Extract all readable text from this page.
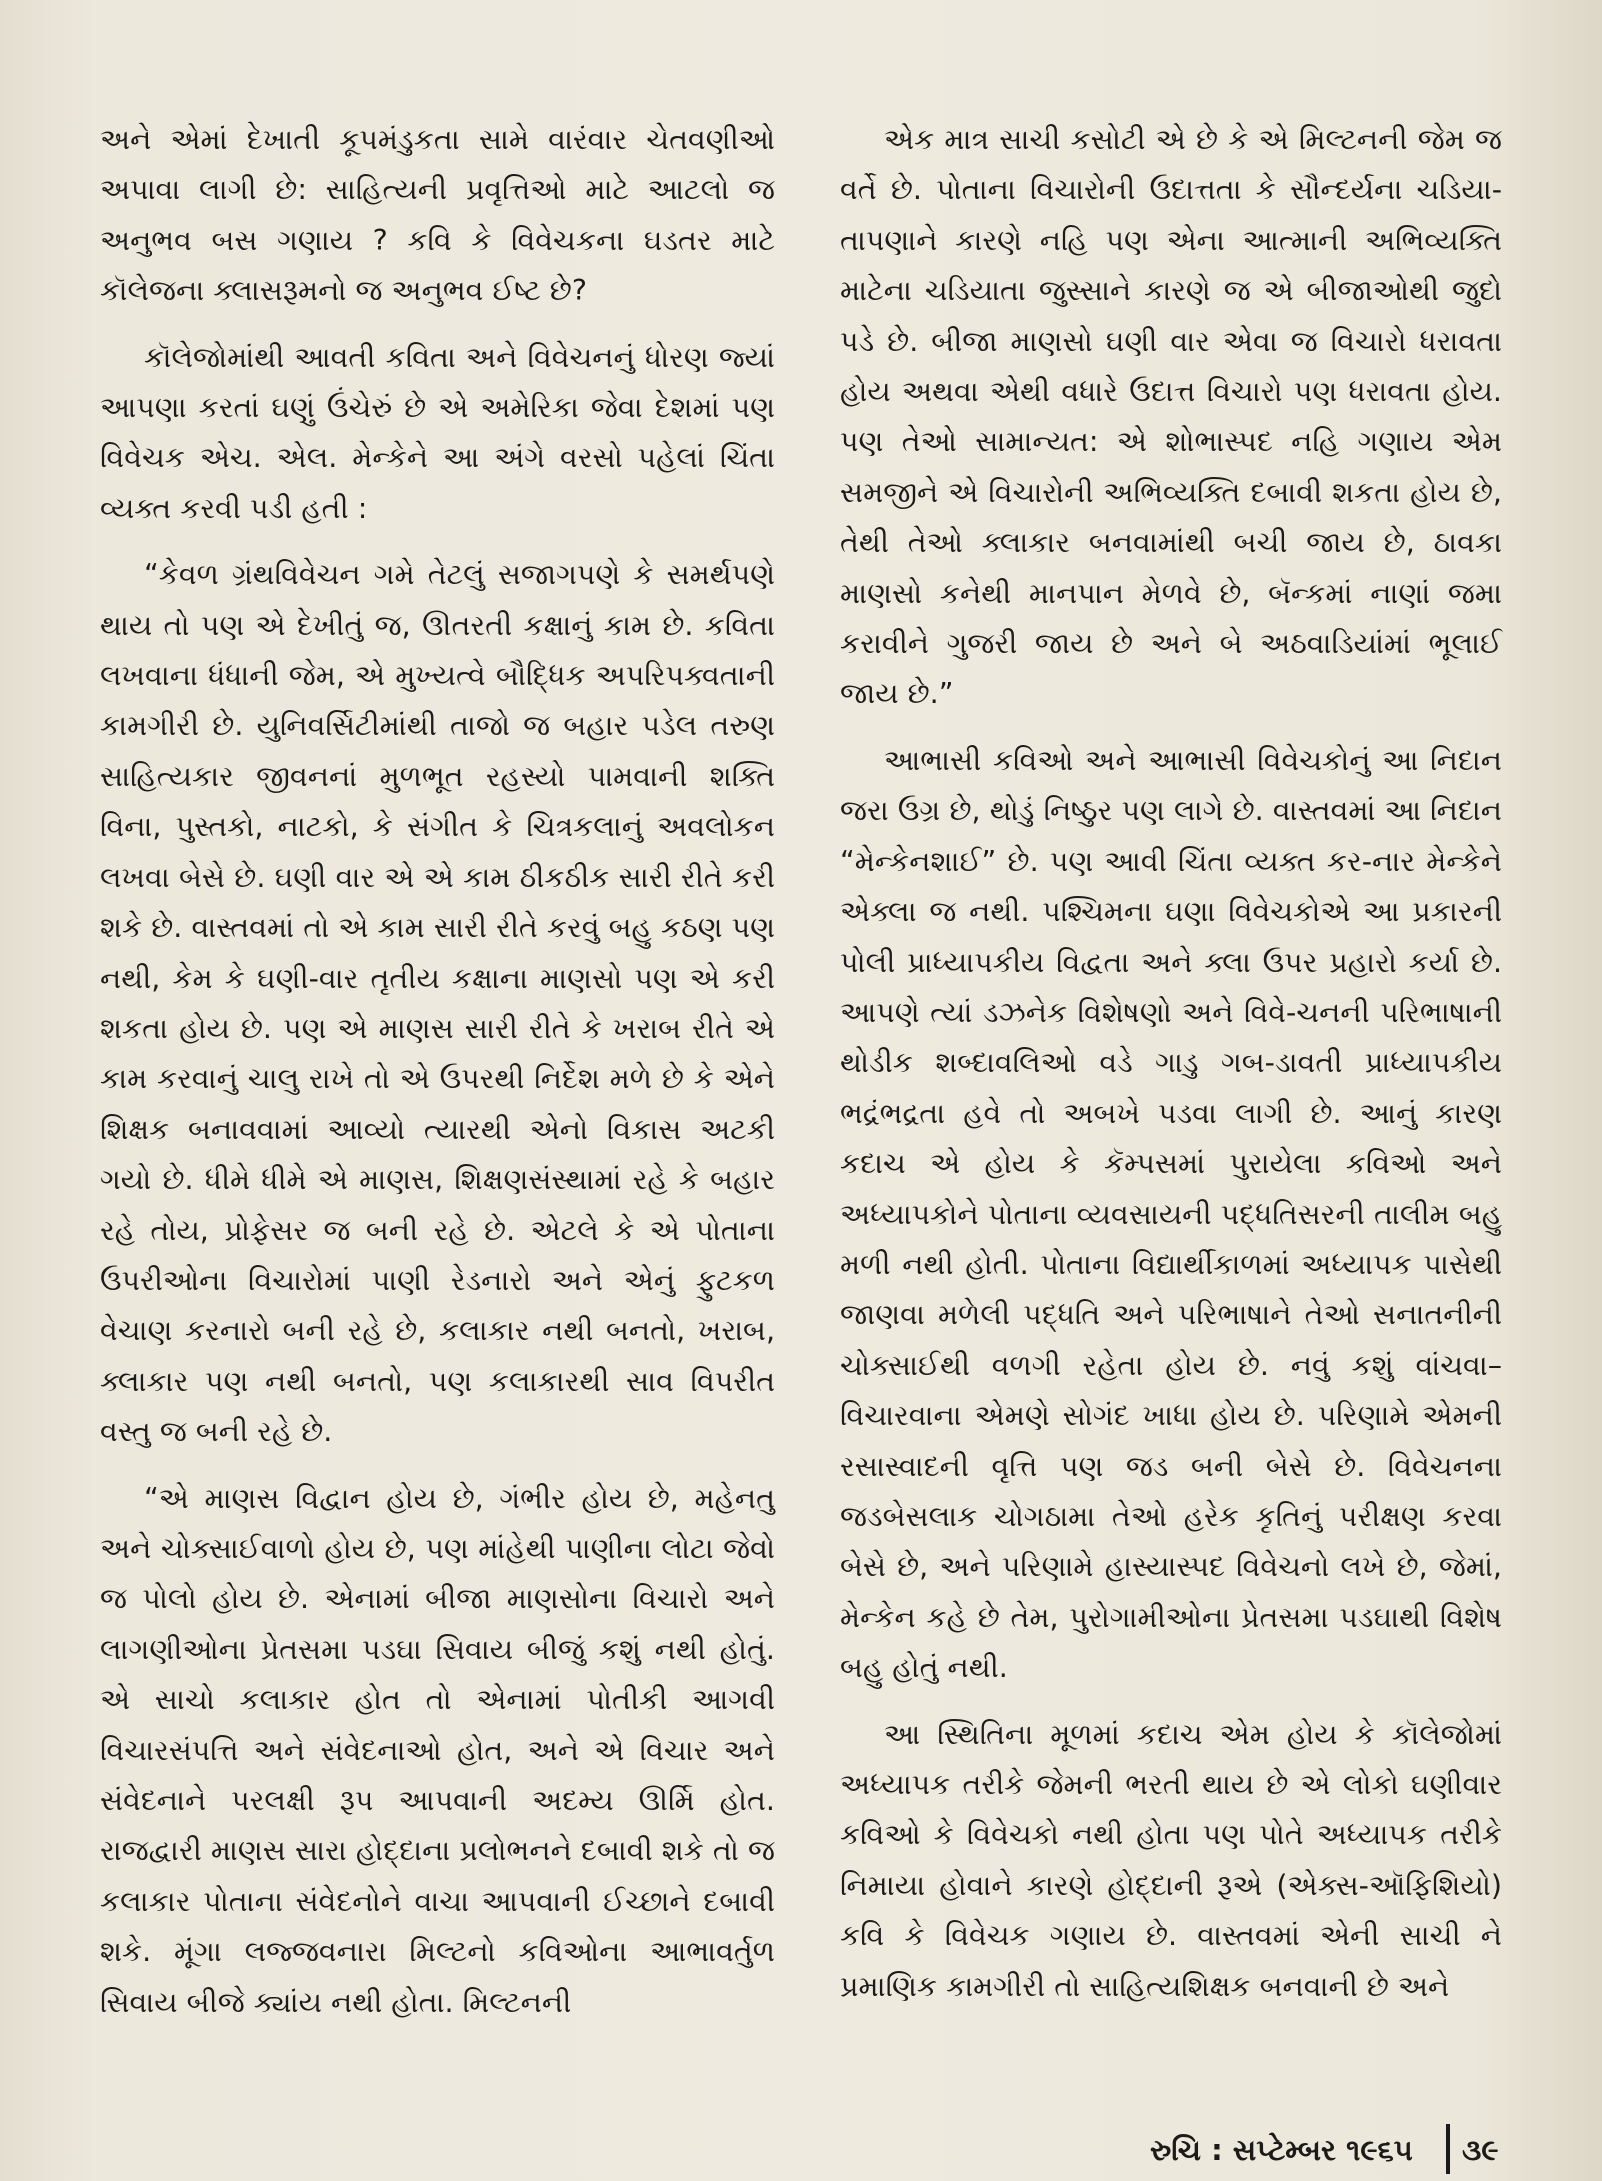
અને એમાં દેખાતી કૂપમંડુકતા સામે વારંવાર ચેતવણીઓ અપાવા લાગી છે: સાહિત્યની પ્રવૃત્તિઓ માટે આટલો જ અનુભવ બસ ગણાય ? કવિ કે વિવેચકના ઘડતર માટે કૉલેજના ક્લાસરૂમનો જ અનુભવ ઈષ્ટ છે?

કૉલેજોમાંથી આવતી કવિતા અને વિવેચનનું ધોરણ જ્યાં આપણા કરતાં ઘણું ઉંચેરું છે એ અમેરિકા જેવા દેશમાં પણ વિવેચક એચ. એલ. મેન્કેને આ અંગે વરસો પહેલાં ચિંતા વ્યક્ત કરવી પડી હતી :

“કેવળ ગ્રંથવિવેચન ગમે તેટલું સજાગપણે કે સમર્થપણે થાય તો પણ એ દેખીતું જ, ઊતરતી કક્ષાનું કામ છે. કવિતા લખવાના ધંધાની જેમ, એ મુખ્યત્વે બૌદ્ધિક અપરિપક્વતાની કામગીરી છે. યુનિવર્સિટીમાંથી તાજો જ બહાર પડેલ તરુણ સાહિત્યકાર જીવનનાં મુળભૂત રહસ્યો પામવાની શક્તિ વિના, પુસ્તકો, નાટકો, કે સંગીત કે ચિત્રકલાનું અવલોકન લખવા બેસે છે. ઘણી વાર એ એ કામ ઠીકઠીક સારી રીતે કરી શકે છે. વાસ્તવમાં તો એ કામ સારી રીતે કરવું બહુ કઠણ પણ નથી, કેમ કે ઘણી-વાર તૃતીય કક્ષાના માણસો પણ એ કરી શકતા હોય છે. પણ એ માણસ સારી રીતે કે ખરાબ રીતે એ કામ કરવાનું ચાલુ રાખે તો એ ઉપરથી નિર્દેશ મળે છે કે એને શિક્ષક બનાવવામાં આવ્યો ત્યારથી એનો વિકાસ અટકી ગયો છે. ધીમે ધીમે એ માણસ, શિક્ષણસંસ્થામાં રહે કે બહાર રહે તોય, પ્રોફેસર જ બની રહે છે. એટલે કે એ પોતાના ઉપરીઓના વિચારોમાં પાણી રેડનારો અને એનું ફુટકળ વેચાણ કરનારો બની રહે છે, કલાકાર નથી બનતો, ખરાબ, ક્લાકાર પણ નથી બનતો, પણ કલાકારથી સાવ વિપરીત વસ્તુ જ બની રહે છે.

“એ માણસ વિદ્વાન હોય છે, ગંભીર હોય છે, મહેનતુ અને ચોક્સાઈવાળો હોય છે, પણ માંહેથી પાણીના લોટા જેવો જ પોલો હોય છે. એનામાં બીજા માણસોના વિચારો અને લાગણીઓના પ્રેતસમા પડઘા સિવાય બીજું કશું નથી હોતું. એ સાચો કલાકાર હોત તો એનામાં પોતીકી આગવી વિચારસંપત્તિ અને સંવેદનાઓ હોત, અને એ વિચાર અને સંવેદનાને પરલક્ષી રૂપ આપવાની અદમ્ય ઊર્મિ હોત. રાજદ્વારી માણસ સારા હોદ્દાના પ્રલોભનને દબાવી શકે તો જ કલાકાર પોતાના સંવેદનોને વાચા આપવાની ઈચ્છાને દબાવી શકે. મૂંગા લજ્જવનારા મિલ્ટનો કવિઓના આભાવર્તુળ સિવાય બીજે ક્યાંય નથી હોતા. મિલ્ટનની

એક માત્ર સાચી કસોટી એ છે કે એ મિલ્ટનની જેમ જ વર્તે છે. પોતાના વિચારોની ઉદાત્તતા કે સૌન્દર્યના ચડિયા-તાપણાને કારણે નહિ પણ એના આત્માની અભિવ્યક્તિ માટેના ચડિયાતા જુસ્સાને કારણે જ એ બીજાઓથી જુદો પડે છે. બીજા માણસો ઘણી વાર એવા જ વિચારો ધરાવતા હોય અથવા એથી વધારે ઉદાત્ત વિચારો પણ ધરાવતા હોય. પણ તેઓ સામાન્યત: એ શોભાસ્પદ નહિ ગણાય એમ સમજીને એ વિચારોની અભિવ્યક્તિ દબાવી શકતા હોય છે, તેથી તેઓ ક્લાકાર બનવામાંથી બચી જાય છે, ઠાવકા માણસો કનેથી માનપાન મેળવે છે, બૅન્કમાં નાણાં જમા કરાવીને ગુજરી જાય છે અને બે અઠવાડિયાંમાં ભૂલાઈ જાય છે.”

આભાસી કવિઓ અને આભાસી વિવેચકોનું આ નિદાન જરા ઉગ્ર છે, થોડું નિષ્ઠુર પણ લાગે છે. વાસ્તવમાં આ નિદાન “મેન્કેનશાઈ” છે. પણ આવી ચિંતા વ્યક્ત કર-નાર મેન્કેને એક્લા જ નથી. પશ્ચિમના ઘણા વિવેચકોએ આ પ્રકારની પોલી પ્રાધ્યાપકીય વિદ્વતા અને ક્લા ઉપર પ્રહારો કર્યા છે. આપણે ત્યાં ડઝનેક વિશેષણો અને વિવે-ચનની પરિભાષાની થોડીક શબ્દાવલિઓ વડે ગાડુ ગબ-ડાવતી પ્રાધ્યાપકીય ભદ્રંભદ્રતા હવે તો અબખે પડવા લાગી છે. આનું કારણ કદાચ એ હોય કે કૅમ્પસમાં પુરાયેલા કવિઓ અને અધ્યાપકોને પોતાના વ્યવસાયની પદ્ધતિસરની તાલીમ બહુ મળી નથી હોતી. પોતાના વિદ્યાર્થીકાળમાં અધ્યાપક પાસેથી જાણવા મળેલી પદ્ધતિ અને પરિભાષાને તેઓ સનાતનીની ચોક્સાઈથી વળગી રહેતા હોય છે. નવું કશું વાંચવા–વિચારવાના એમણે સોગંદ ખાધા હોય છે. પરિણામે એમની રસાસ્વાદની વૃત્તિ પણ જડ બની બેસે છે. વિવેચનના જડબેસલાક ચોગઠામા તેઓ હરેક કૃતિનું પરીક્ષણ કરવા બેસે છે, અને પરિણામે હાસ્યાસ્પદ વિવેચનો લખે છે, જેમાં, મેન્કેન કહે છે તેમ, પુરોગામીઓના પ્રેતસમા પડઘાથી વિશેષ બહુ હોતું નથી.

આ સ્થિતિના મૂળમાં કદાચ એમ હોય કે કૉલેજોમાં અધ્યાપક તરીકે જેમની ભરતી થાય છે એ લોકો ઘણીવાર કવિઓ કે વિવેચકો નથી હોતા પણ પોતે અધ્યાપક તરીકે નિમાયા હોવાને કારણે હોદ્દાની રૂએ (એક્સ-ઑફિશિયો) કવિ કે વિવેચક ગણાય છે. વાસ્તવમાં એની સાચી ને પ્રમાણિક કામગીરી તો સાહિત્યશિક્ષક બનવાની છે અને

રુચિ : સપ્ટેમ્બર ૧૯૬૫ ૩૯
